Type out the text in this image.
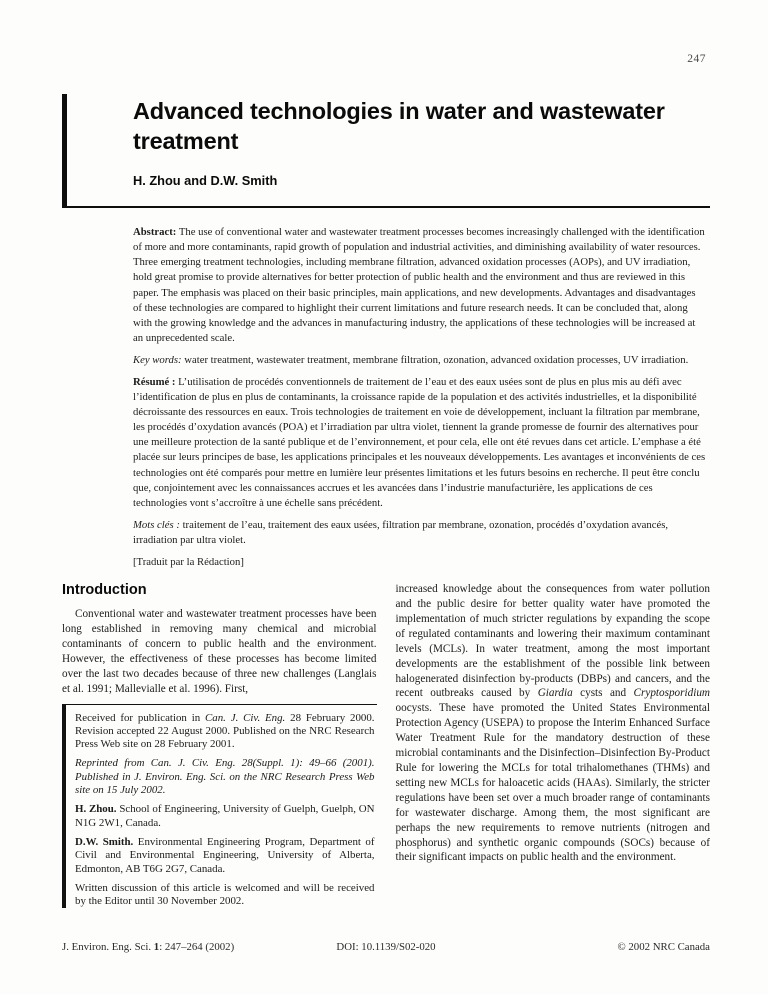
247
Advanced technologies in water and wastewater treatment
H. Zhou and D.W. Smith

Abstract: The use of conventional water and wastewater treatment processes becomes increasingly challenged with the identification of more and more contaminants, rapid growth of population and industrial activities, and diminishing availability of water resources. Three emerging treatment technologies, including membrane filtration, advanced oxidation processes (AOPs), and UV irradiation, hold great promise to provide alternatives for better protection of public health and the environment and thus are reviewed in this paper. The emphasis was placed on their basic principles, main applications, and new developments. Advantages and disadvantages of these technologies are compared to highlight their current limitations and future research needs. It can be concluded that, along with the growing knowledge and the advances in manufacturing industry, the applications of these technologies will be increased at an unprecedented scale.

Key words: water treatment, wastewater treatment, membrane filtration, ozonation, advanced oxidation processes, UV irradiation.

Résumé : L’utilisation de procédés conventionnels de traitement de l’eau et des eaux usées sont de plus en plus mis au défi avec l’identification de plus en plus de contaminants, la croissance rapide de la population et des activités industrielles, et la disponibilité décroissante des ressources en eaux. Trois technologies de traitement en voie de développement, incluant la filtration par membrane, les procédés d’oxydation avancés (POA) et l’irradiation par ultra violet, tiennent la grande promesse de fournir des alternatives pour une meilleure protection de la santé publique et de l’environnement, et pour cela, elle ont été revues dans cet article. L’emphase a été placée sur leurs principes de base, les applications principales et les nouveaux développements. Les avantages et inconvénients de ces technologies ont été comparés pour mettre en lumière leur présentes limitations et les futurs besoins en recherche. Il peut être conclu que, conjointement avec les connaissances accrues et les avancées dans l’industrie manufacturière, les applications de ces technologies vont s’accroître à une échelle sans précédent.

Mots clés : traitement de l’eau, traitement des eaux usées, filtration par membrane, ozonation, procédés d’oxydation avancés, irradiation par ultra violet.

[Traduit par la Rédaction]

Introduction

Conventional water and wastewater treatment processes have been long established in removing many chemical and microbial contaminants of concern to public health and the environment. However, the effectiveness of these processes has become limited over the last two decades because of three new challenges (Langlais et al. 1991; Mallevialle et al. 1996). First,

Received for publication in Can. J. Civ. Eng. 28 February 2000. Revision accepted 22 August 2000. Published on the NRC Research Press Web site on 28 February 2001.

Reprinted from Can. J. Civ. Eng. 28(Suppl. 1): 49–66 (2001). Published in J. Environ. Eng. Sci. on the NRC Research Press Web site on 15 July 2002.

H. Zhou. School of Engineering, University of Guelph, Guelph, ON N1G 2W1, Canada.

D.W. Smith. Environmental Engineering Program, Department of Civil and Environmental Engineering, University of Alberta, Edmonton, AB T6G 2G7, Canada.

Written discussion of this article is welcomed and will be received by the Editor until 30 November 2002.

increased knowledge about the consequences from water pollution and the public desire for better quality water have promoted the implementation of much stricter regulations by expanding the scope of regulated contaminants and lowering their maximum contaminant levels (MCLs). In water treatment, among the most important developments are the establishment of the possible link between halogenerated disinfection by-products (DBPs) and cancers, and the recent outbreaks caused by Giardia cysts and Cryptosporidium oocysts. These have promoted the United States Environmental Protection Agency (USEPA) to propose the Interim Enhanced Surface Water Treatment Rule for the mandatory destruction of these microbial contaminants and the Disinfection–Disinfection By-Product Rule for lowering the MCLs for total trihalomethanes (THMs) and setting new MCLs for haloacetic acids (HAAs). Similarly, the stricter regulations have been set over a much broader range of contaminants for wastewater discharge. Among them, the most significant are perhaps the new requirements to remove nutrients (nitrogen and phosphorus) and synthetic organic compounds (SOCs) because of their significant impacts on public health and the environment.

J. Environ. Eng. Sci. 1: 247–264 (2002)	DOI: 10.1139/S02-020	© 2002 NRC Canada
